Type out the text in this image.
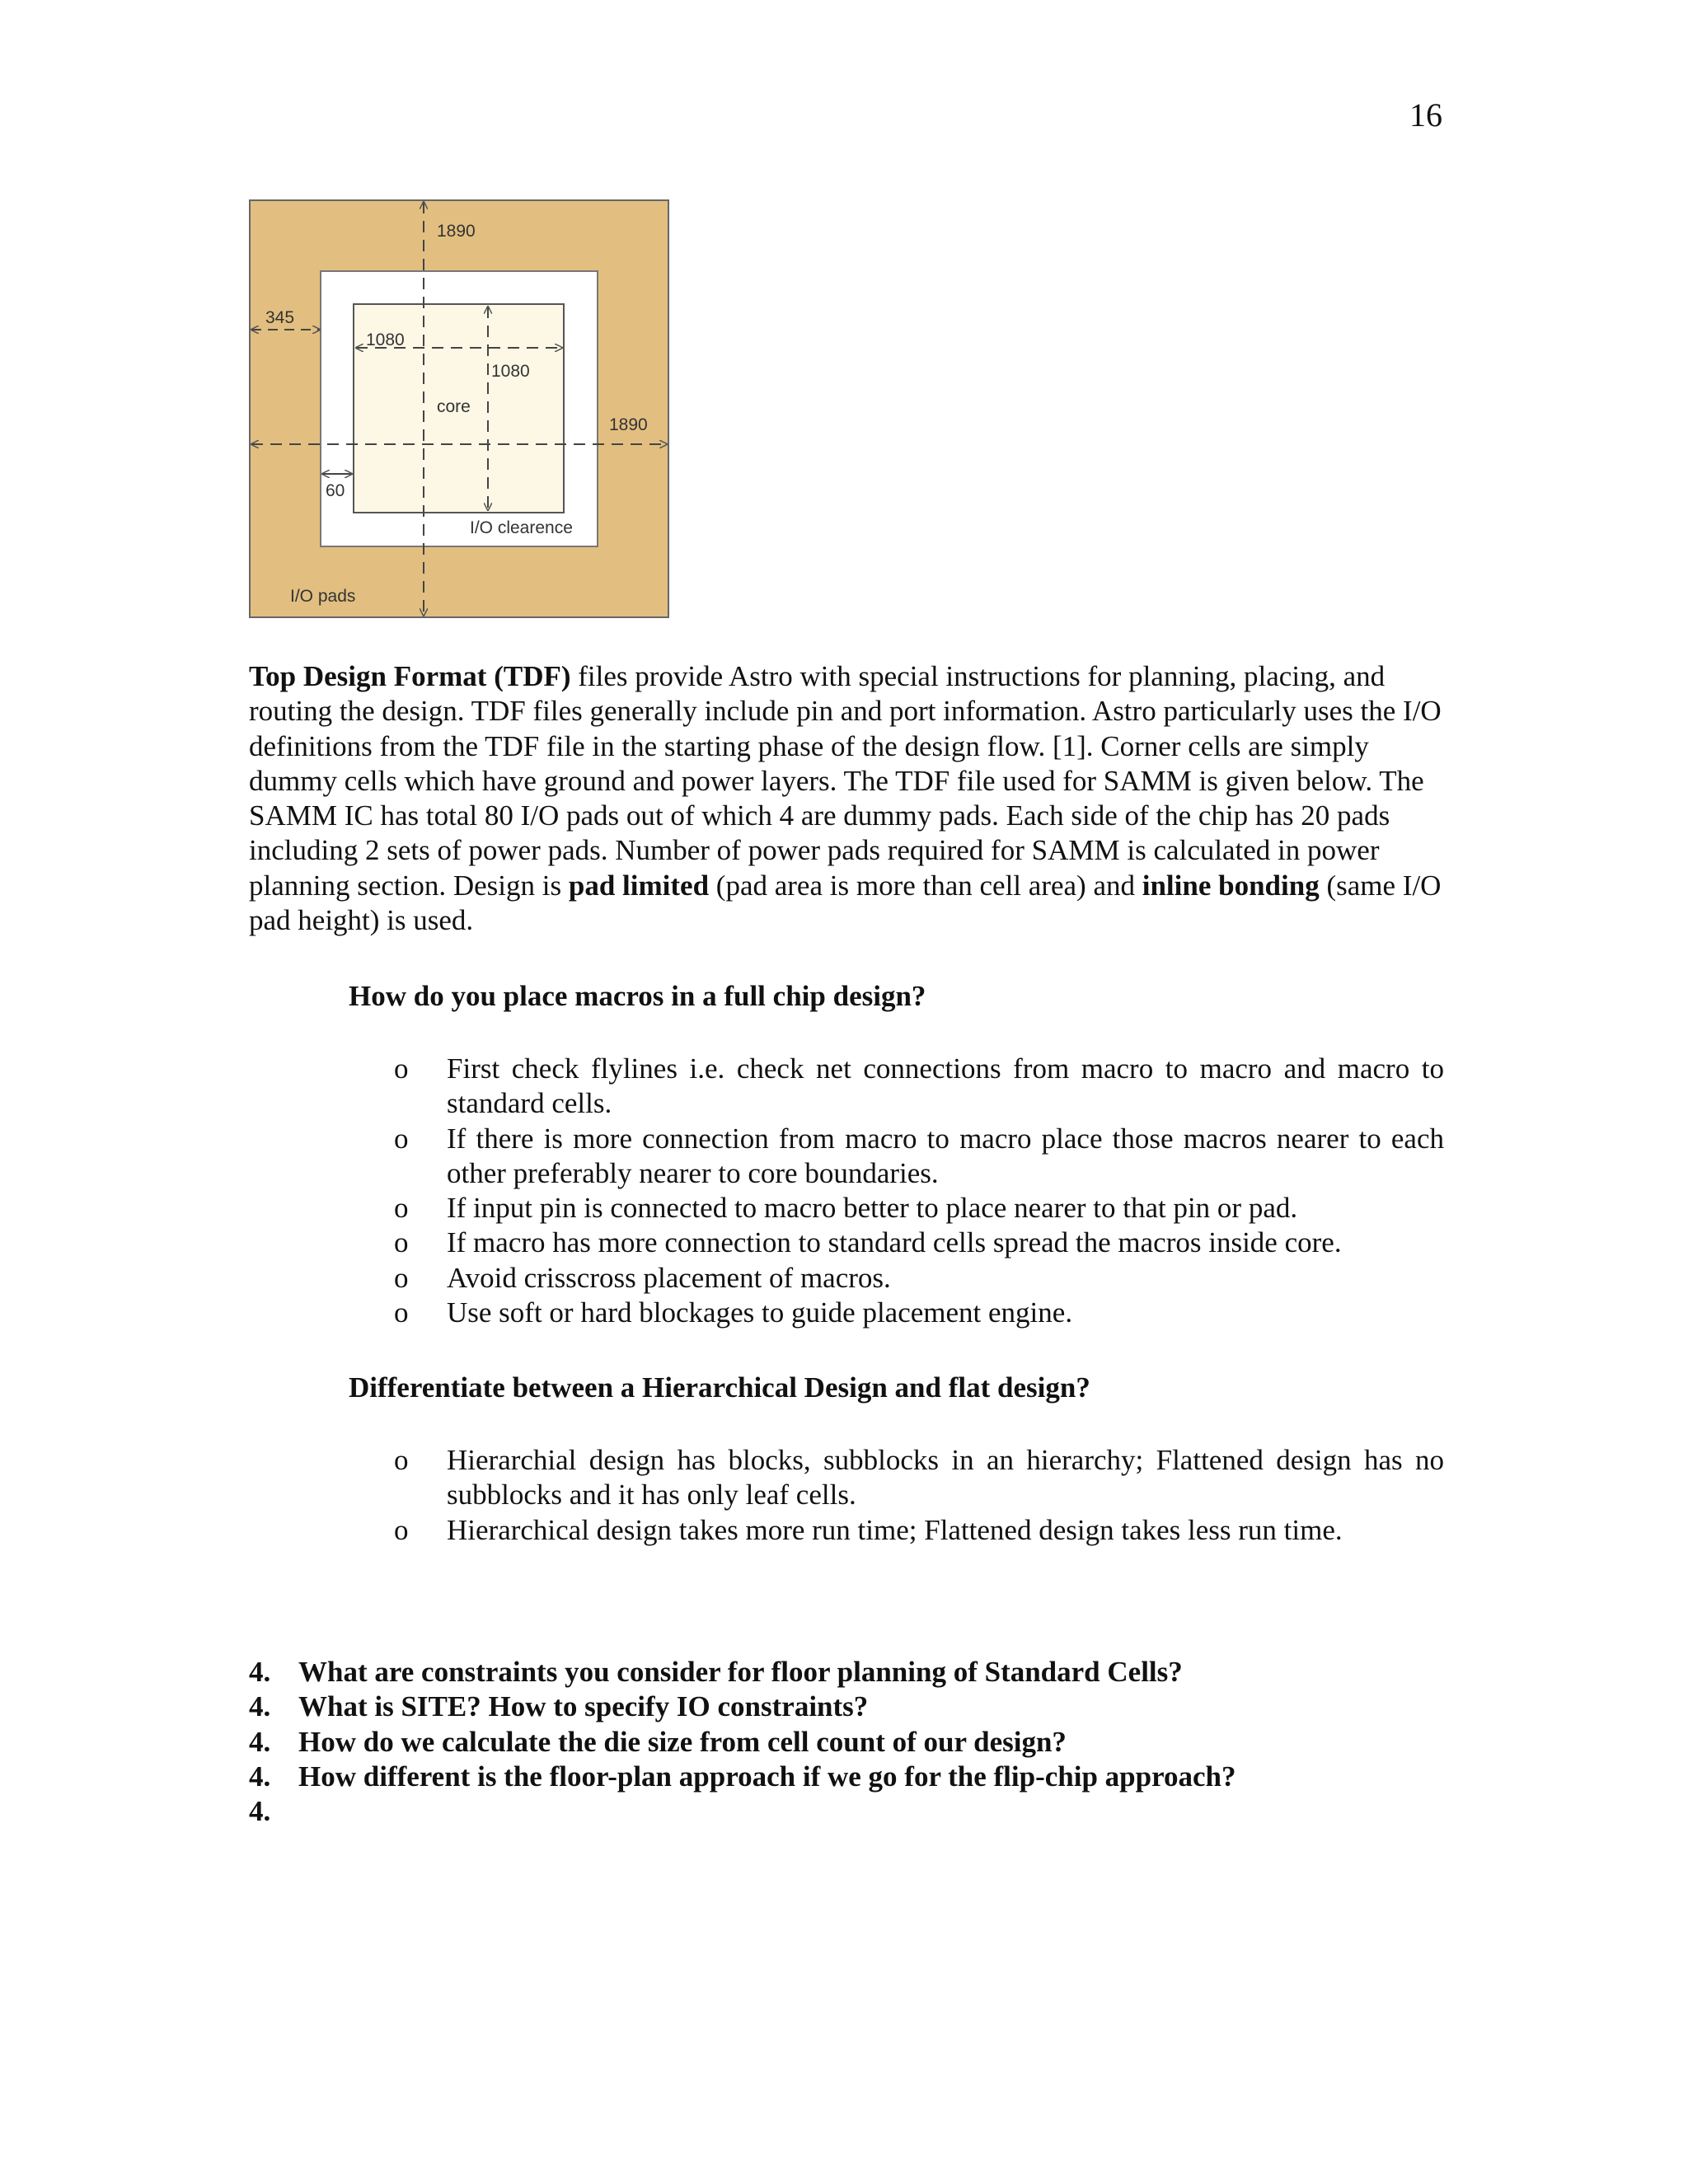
16
1890
345
1080
1080
core
1890
60
I/O clearence
I/O pads
Top Design Format (TDF) files provide Astro with special instructions for planning, placing, and routing the design. TDF files generally include pin and port information. Astro particularly uses the I/O definitions from the TDF file in the starting phase of the design flow. [1]. Corner cells are simply dummy cells which have ground and power layers. The TDF file used for SAMM is given below. The SAMM IC has total 80 I/O pads out of which 4 are dummy pads. Each side of the chip has 20 pads including 2 sets of power pads. Number of power pads required for SAMM is calculated in power planning section. Design is pad limited (pad area is more than cell area) and inline bonding (same I/O pad height) is used.
How do you place macros in a full chip design?
o First check flylines i.e. check net connections from macro to macro and macro to standard cells.
o If there is more connection from macro to macro place those macros nearer to each other preferably nearer to core boundaries.
o If input pin is connected to macro better to place nearer to that pin or pad.
o If macro has more connection to standard cells spread the macros inside core.
o Avoid crisscross placement of macros.
o Use soft or hard blockages to guide placement engine.
Differentiate between a Hierarchical Design and flat design?
o Hierarchial design has blocks, subblocks in an hierarchy; Flattened design has no subblocks and it has only leaf cells.
o Hierarchical design takes more run time; Flattened design takes less run time.
4. What are constraints you consider for floor planning of Standard Cells?
4. What is SITE? How to specify IO constraints?
4. How do we calculate the die size from cell count of our design?
4. How different is the floor-plan approach if we go for the flip-chip approach?
4.
